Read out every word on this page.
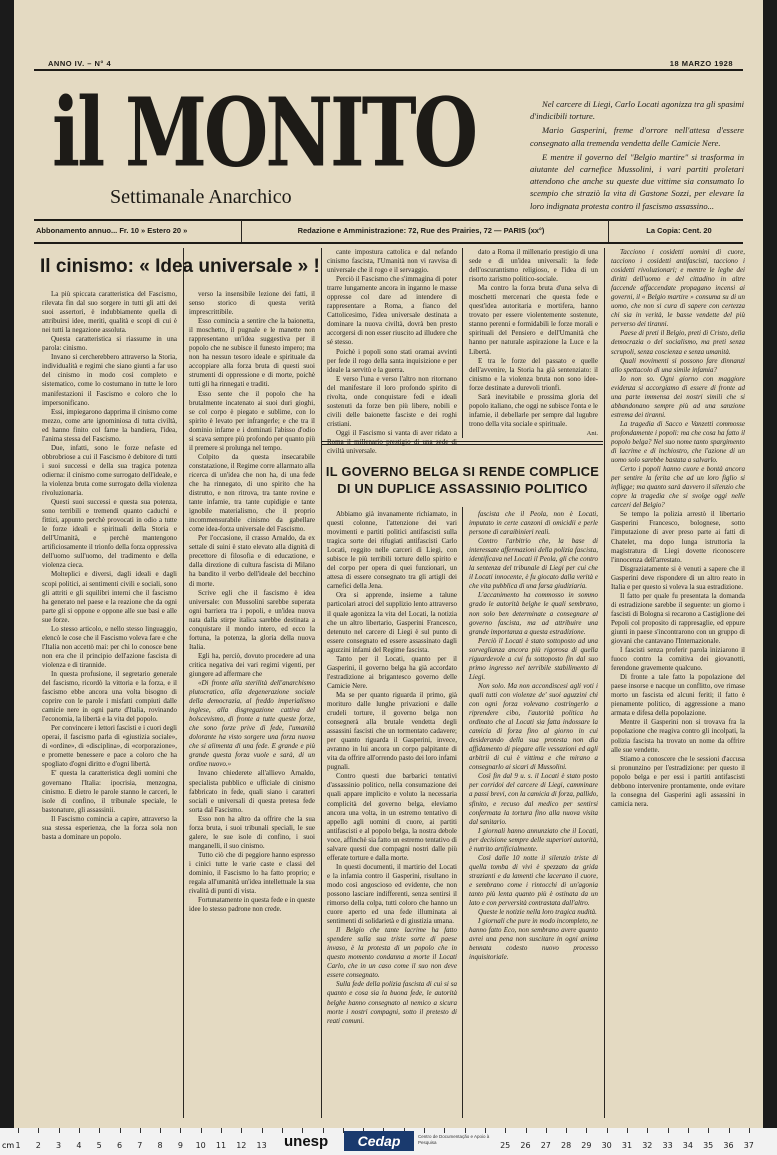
ANNO IV. – N° 4	18 MARZO 1928
il MONITO
Settimanale Anarchico

Nel carcere di Liegi, Carlo Locati agonizza tra gli spasimi d'indicibili torture.

Mario Gasperini, freme d'orrore nell'attesa d'essere consegnato alla tremenda vendetta delle Camicie Nere.

E mentre il governo del "Belgio martire" si trasforma in aiutante del carnefice Mussolini, i vari partiti proletari attendono che anche su queste due vittime sia consumato lo scempio che straziò la vita di Gastone Sozzi, per elevare la loro indignata protesta contro il fascismo assassino...

Abbonamento annuo... Fr. 10 » Estero 20 »	Redazione e Amministrazione: 72, Rue des Prairies, 72 — PARIS (xx°)	La Copia: Cent. 20
Il cinismo: « Idea universale » !

La più spiccata caratteristica del Fascismo, rilevata fin dal suo sorgere in tutti gli atti dei suoi assertori, è indubbiamente quella di attribuirsi idee, meriti, qualità e scopi di cui è nei tutti la negazione assoluta.

Questa caratteristica si riassume in una parola: cinismo.

Invano si cercherebbero attraverso la Storia, individualità e regimi che siano giunti a far uso del cinismo in modo così completo e sistematico, come lo costumano in tutte le loro manifestazioni il Fascismo e coloro che lo impersonificano.

Essi, impiegarono dapprima il cinismo come mezzo, come arte ignominiosa di tutta civiltà, ed hanno finito col farne la bandiera, l'idea, l'anima stessa del Fascismo.

Due, infatti, sono le forze nefaste ed obbrobriose a cui il Fascismo è debitore di tutti i suoi successi e della sua tragica potenza odierna: il cinismo come surrogato dell'ideale, e la violenza bruta come surrogato della violenza rivoluzionaria.

Questi suoi successi e questa sua potenza, sono terribili e tremendi quanto caduchi e fittizi, appunto perchè provocati in odio a tutte le forze ideali e spirituali della Storia e dell'Umanità, e perchè mantengono artificiosamente il trionfo della forza oppressiva dell'uomo sull'uomo, del tradimento e della violenza cieca.

Molteplici e diversi, dagli ideali e dagli scopi politici, ai sentimenti civili e sociali, sono gli attriti e gli squilibri interni che il fascismo ha generato nel paese e la reazione che da ogni parte gli si oppone e oppone alle sue basi e alle sue forze.

Lo stesso articolo, e nello stesso linguaggio, elencò le cose che il Fascismo voleva fare e che l'Italia non accettò mai: per chi lo conosce bene non era che il principio dell'azione fascista di violenza e di tirannide.

In questa profusione, il segretario generale del fascismo, ricordò la vittoria e la forza, e il fascismo ebbe ancora una volta bisogno di coprire con le parole i misfatti compiuti dalle camicie nere in ogni parte d'Italia, rovinando l'economia, la libertà e la vita del popolo.

Per convincere i lettori fascisti e i cuori degli operai, il fascismo parla di «giustizia sociale», di «ordine», di «disciplina», di «corporazione», e promette benessere e pace a coloro che ha spogliato d'ogni diritto e d'ogni libertà.

E' questa la caratteristica degli uomini che governano l'Italia: ipocrisia, menzogna, cinismo. E dietro le parole stanno le carceri, le isole di confino, il tribunale speciale, le bastonature, gli assassinii.

Il Fascismo comincia a capire, attraverso la sua stessa esperienza, che la forza sola non basta a dominare un popolo.

verso la insensibile lezione dei fatti, il senso storico di questa verità imprescrittibile.

Esso comincia a sentire che la baionetta, il moschetto, il pugnale e le manette non rappresentano un'idea suggestiva per il popolo che ne subisce il funesto impero; ma non ha nessun tesoro ideale e spirituale da accoppiare alla forza bruta di questi suoi strumenti di oppressione e di morte, poichè tutti gli ha rinnegati e traditi.

Esso sente che il popolo che ha brutalmente incatenato ai suoi duri gioghi, se col corpo è piegato e sublime, con lo spirito è levato per infrangerle; e che tra il dominio infame e i dominati l'abisso d'odio si scava sempre più profondo per quanto più il premere si prolunga nel tempo.

Colpito da questa insecarabile constatazione, il Regime corre allarmato alla ricerca di un'idea che non ha, di una fede che ha rinnegato, di uno spirito che ha distrutto, e non ritrova, tra tante rovine e tante infamie, tra tante cupidigie e tante ignobile materialismo, che il proprio incommensurabile cinismo da gabellare come idea-forza universale del Fascismo.

Per l'occasione, il crasso Arnaldo, da ex settale di suini è stato elevato alla dignità di precettore di filosofia e di educazione, e dalla direzione di cultura fascista di Milano ha bandito il verbo dell'ideale del becchino di morte.

Scrive egli che il fascismo è idea universale: con Mussolini sarebbe superata ogni barriera tra i popoli, e un'idea nuova nata dalla stirpe italica sarebbe destinata a conquistare il mondo intero, ed ecco la fortuna, la potenza, la gloria della nuova Italia.

Egli ha, perciò, dovuto procedere ad una critica negativa dei vari regimi vigenti, per giungere ad affermare che

«Di fronte alla sterilità dell'anarchismo plutocratico, alla degenerazione sociale della democrazia, al freddo imperialismo inglese, alla disgregazione cattiva del bolscevismo, di fronte a tutte queste forze, che sono forze prive di fede, l'umanità dolorante ha visto sorgere una forza nuova che si alimenta di una fede. E grande e più grande questa forza vuole e sarà, di un ordine nuovo.»

Invano chiederete all'allievo Arnaldo, specialista pubblico e ufficiale di cinismo fabbricato in fede, quali siano i caratteri sociali e universali di questa pretesa fede sorta dal Fascismo.

Esso non ha altro da offrire che la sua forza bruta, i suoi tribunali speciali, le sue galere, le sue isole di confino, i suoi manganelli, il suo cinismo.

Tutto ciò che di peggiore hanno espresso i cinici tutte le varie caste e classi del dominio, il Fascismo lo ha fatto proprio; e regala all'umanità un'idea intellettuale la sua rivalità di punti di vista.

Fortunatamente in questa fede e in queste idee lo stesso padrone non crede.

cante impostura cattolica e dal nefando cinismo fascista, l'Umanità non vi ravvisa di universale che il rogo e il servaggio.

Perciò il Fascismo che s'immagina di poter trarre lungamente ancora in inganno le masse oppresse col dare ad intendere di rappresentare a Roma, a fianco del Cattolicesimo, l'idea universale destinata a dominare la nuova civiltà, dovrà ben presto accorgersi di non esser riuscito ad illudere che sé stesso.

Poichè i popoli sono stati oramai avvinti per fede il rogo della santa inquisizione e per ideale la servitù e la guerra.

E verso l'una e verso l'altro non ritornano del manifestare il loro profondo spirito di rivolta, onde conquistare fedi e ideali sostenuti da forze ben più libere, nobili e civili delle baionette fasciste e dei roghi cristiani.

Oggi il Fascismo si vanta di aver ridato a Roma il millenario prestigio di una sede di civiltà universale.

dato a Roma il millenario prestigio di una sede e di un'idea universali: la fede dell'oscurantismo religioso, e l'idea di un risorto zarismo politico-sociale.

Ma contro la forza bruta d'una selva di moschetti mercenari che questa fede e quest'idea autoritaria e mortifera, hanno trovato per essere violentemente sostenute, stanno perenni e formidabili le forze morali e spirituali del Pensiero e dell'Umanità che hanno per naturale aspirazione la Luce e la Libertà.

E tra le forze del passato e quelle dell'avvenire, la Storia ha già sentenziato: il cinismo e la violenza bruta non sono idee-forze destinate a durevoli trionfi.

Sarà inevitabile e prossima gloria del popolo italiano, che oggi ne subisce l'onta e le infamie, il debellarle per sempre dal lugubre trono della vita sociale e spirituale.

Ani.
IL GOVERNO BELGA SI RENDE COMPLICE
DI UN DUPLICE ASSASSINIO POLITICO

Abbiamo già invanamente richiamato, in questi colonne, l'attenzione dei vari movimenti e partiti politici antifascisti sulla tragica sorte dei rifugiati antifascisti Carlo Locati, reggito nelle carceri di Liegi, con subisce le più terribili torture dello spirito e del corpo per opera di quei funzionari, un attesa di essere consegnato tra gli artigli dei carnefici della Jena.

Ora si apprende, insieme a talune particolari atroci del supplizio lento attraverso il quale agonizza la vita del Locati, la notizia che un altro libertario, Gasperini Francesco, detenuto nel carcere di Liegi è sul punto di essere consegnato ed essere assassinato dagli aguzzini infami del Regime fascista.

Tanto per il Locati, quanto per il Gasperini, il governo belga ha già accordato l'estradizione ai brigantesco governo delle Camicie Nere.

Ma se per quanto riguarda il primo, già morituro dalle lunghe privazioni e dalle crudeli torture, il governo belga non consegnerà alla brutale vendetta degli assassini fascisti che un tormentato cadavere; per quanto riguarda il Gasperini, invece, avranno in lui ancora un corpo palpitante di vita da offrire all'orrendo pasto dei loro infami pugnali.

Contro questi due barbarici tentativi d'assassinio politico, nella consumazione dei quali appare implicito e voluto la necessaria complicità del governo belga, eleviamo ancora una volta, in un estremo tentativo di appello agli uomini di cuore, ai partiti antifascisti e al popolo belga, la nostra debole voce, affinchè sia fatto un estremo tentativo di salvare questi due compagni nostri dalle più efferate torture e dalla morte.

In questi documenti, il martirio del Locati e la infamia contro il Gasperini, risultano in modo così angoscioso ed evidente, che non possono lasciare indifferenti, senza sentirsi il rimorso della colpa, tutti coloro che hanno un cuore aperto ed una fede illuminata ai sentimenti di solidarietà e di giustizia umana.

Il Belgio che tante lacrime ha fatto spendere sulla sua triste sorte di paese invaso, è la protesta di un popolo che in questo momento condanna a morte il Locati Carlo, che in un caso come il suo non deve essere consegnato.

Sulla fede della polizia fascista di cui si sa quanto e cosa sia la buona fede, le autorità belghe hanno consegnato al nemico a sicura morte i nostri compagni, sotto il pretesto di reati comuni.

fascista che il Peola, non è Locati, imputato in certe canzoni di omicidii e perle persone di caraibinieri reali.

Contro l'arbitrio che, la base di interessate affermazioni della polizia fascista, identificava nel Locati il Peola, gli che contro la sentenza del tribunale di Liegi per cui che il Locati innocente, è fu giocato dalla verità e che vita pubblica di una farsa giudiziaria.

L'accanimento ha commosso in sommo grado le autorità belghe le quali sembrano, non solo ben determinate a consegnare al governo fascista, ma ad attribuire una grande importanza a questa estradizione.

Perciò il Locati è stato sottoposto ad una sorveglianza ancora più rigorosa di quella riguardevole a cui fu sottoposto fin dal suo primo ingresso nel terribile stabilimento di Liegi.

Non solo. Ma non accondiscesi agli voti i quali tutti con violenze de' suoi aguzzini chi con ogni forza volevano costringerlo a riprendere cibo, l'autorità politica ha ordinato che al Locati sia fatta indossare la camicia di forza fino al giorno in cui desiderando della sua protesta non dia affidamento di piegare alle vessazioni ed agli arbitrii di cui è vittima e che mirano a consegnarlo ai sicari di Mussolini.

Così fin dal 9 u. s. il Locati è stato posto per corridoi del carcere di Liegi, camminare a passi brevi, con la camicia di forza, pallido, sfinito, e recuso dal medico per sentirsi confermata la tortura fino alla nuova visita dal sanitario.

I giornali hanno annunziato che il Locati, per decisione sempre delle superiori autorità, è nutrito artificialmente.

Così dalle 10 notte il silenzio triste di quella tomba di vivi è spezzato da grida strazianti e da lamenti che lacerano il cuore, e sembrano come i rintocchi di un'agonia tanto più lenta quanto più è ostinata da un lato e con perversità contrastata dall'altro.

Queste le notizie nella loro tragica nudità.

I giornali che pure in modo incompleto, ne hanno fatto Eco, non sembrano avere quanto avrei una pena non suscitare in ogni anima bennata codesto nuovo processo inquisitoriale.

Tacciono i cosidetti uomini di cuore, tacciono i cosidetti antifascisti, tacciono i cosidetti rivoluzionari; e mentre le leghe dei diritti dell'uomo e del cittadino in altre faccende affaccendate propagano incensi ai governi, il « Belgio martire » consuma su di un uomo, che non si cura di sapere con certezza chi sia in verità, le basse vendette del più perverso dei tiranni.

Paese di preti il Belgio, preti di Cristo, della democrazia o del socialismo, ma preti senza scrupoli, senza coscienza e senza umanità.

Quali movimenti si possono fare dinnanzi allo spettacolo di una simile infamia?

Io non so. Ogni giorno con maggiore evidenza si accorgiamo di essere di fronte ad una parte immensa dei nostri simili che si abbandonano sempre più ad una sanzione estrema dei tiranni.

La tragedia di Sacco e Vanzetti commosse profondamente i popoli: ma che cosa ha fatto il popolo belga? Nel suo nome tanto spargimento di lacrime e di inchiostro, che l'azione di un uomo solo sarebbe bastata a salvarlo.

Certo i popoli hanno cuore e bontà ancora per sentire la ferita che ad un loro figlio si infligge; ma quanto sarà davvero il silenzio che copre la tragedia che si svolge oggi nelle carceri del Belgio?

Se tempo la polizia arrestò il libertario Gasperini Francesco, bolognese, sotto l'imputazione di aver preso parte ai fatti di Chatelet, ma dopo lunga istruttoria la magistratura di Liegi dovette riconoscere l'innocenza dell'arrestato.

Disgraziatamente si è venuti a sapere che il Gasperini deve rispondere di un altro reato in Italia e per questo si voleva la sua estradizione.

Il fatto per quale fu presentata la domanda di estradizione sarebbe il seguente: un giorno i fascisti di Bologna si recarono a Castiglione dei Pepoli col proposito di rappresaglie, ed eppure giunti in paese s'incontrarono con un gruppo di giovani che cantavano l'Internazionale.

I fascisti senza proferir parola iniziarono il fuoco contro la comitiva dei giovanotti, ferendone gravemente qualcuno.

Di fronte a tale fatto la popolazione del paese insorse e nacque un conflitto, ove rimase morto un fascista ed alcuni feriti; il fatto è pienamente politico, di aggressione a mano armata e difesa della popolazione.

Mentre il Gasperini non si trovava fra la popolazione che reagiva contro gli incolpati, la polizia fascista ha trovato un nome da offrire alle sue vendette.

Stiamo a conoscere che le sessioni d'accusa si pronunzino per l'estradizione: per questo il popolo belga e per essi i partiti antifascisti debbono intervenire prontamente, onde evitare la consegna del Gasperini agli assassini in camicia nera.

cm 1 2 3 4 5 6 7 8 9 10 11 12 13	25 26 27 28 29 30 31 32 33 34 35 36 37
unesp	Cedap	Centro de Documentação e Apoio à Pesquisa
